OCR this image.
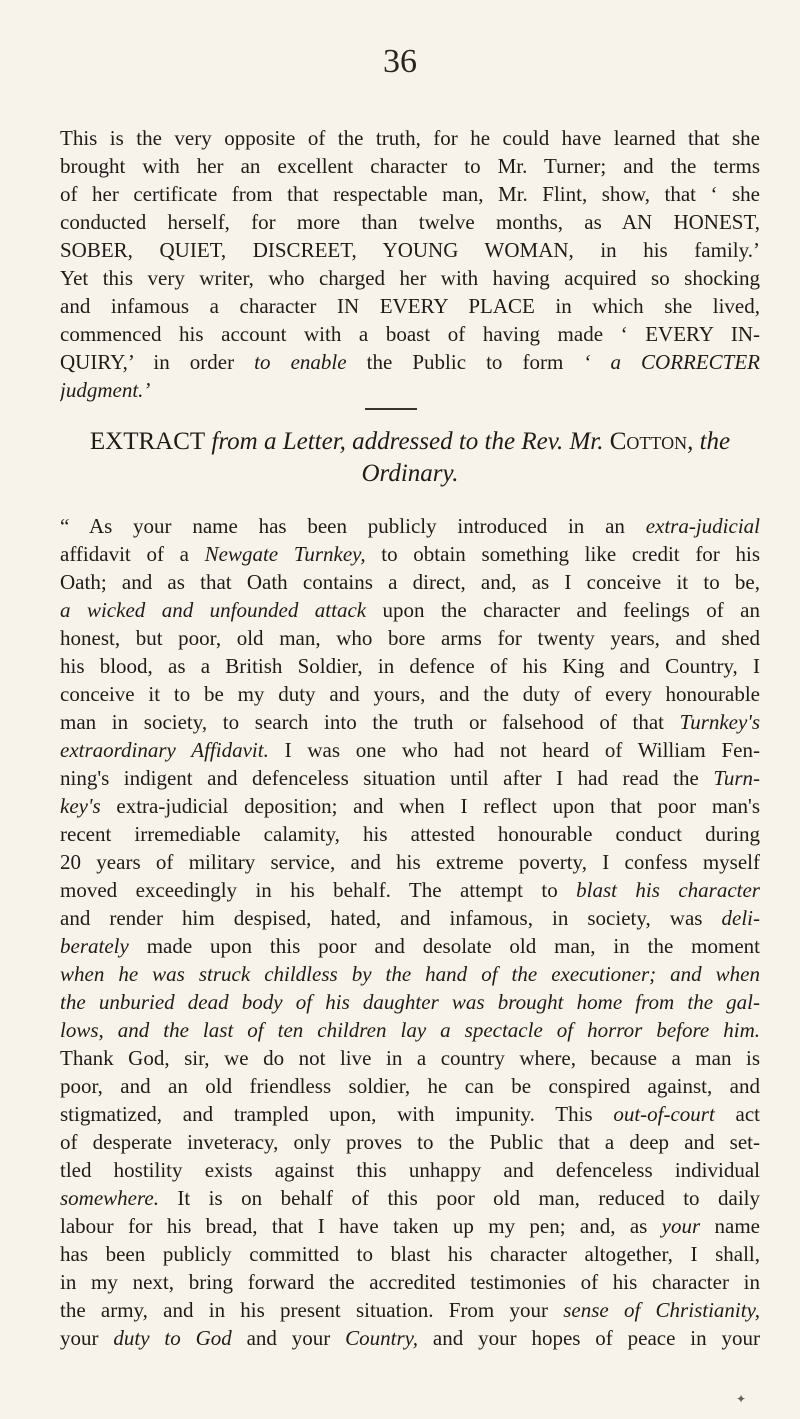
36
This is the very opposite of the truth, for he could have learned that she
brought with her an excellent character to Mr. Turner; and the terms
of her certificate from that respectable man, Mr. Flint, show, that ‘ she
conducted herself, for more than twelve months, as AN HONEST,
SOBER, QUIET, DISCREET, YOUNG WOMAN, in his family.’
Yet this very writer, who charged her with having acquired so shocking
and infamous a character IN EVERY PLACE in which she lived,
commenced his account with a boast of having made ‘ EVERY IN-
QUIRY,’ in order to enable the Public to form ‘ a CORRECTER
judgment.’
EXTRACT from a Letter, addressed to the Rev. Mr. Cotton, the
Ordinary.
“ As your name has been publicly introduced in an extra-judicial
affidavit of a Newgate Turnkey, to obtain something like credit for his
Oath; and as that Oath contains a direct, and, as I conceive it to be,
a wicked and unfounded attack upon the character and feelings of an
honest, but poor, old man, who bore arms for twenty years, and shed
his blood, as a British Soldier, in defence of his King and Country, I
conceive it to be my duty and yours, and the duty of every honourable
man in society, to search into the truth or falsehood of that Turnkey's
extraordinary Affidavit. I was one who had not heard of William Fen-
ning's indigent and defenceless situation until after I had read the Turn-
key's extra-judicial deposition; and when I reflect upon that poor man's
recent irremediable calamity, his attested honourable conduct during
20 years of military service, and his extreme poverty, I confess myself
moved exceedingly in his behalf. The attempt to blast his character
and render him despised, hated, and infamous, in society, was deli-
berately made upon this poor and desolate old man, in the moment
when he was struck childless by the hand of the executioner; and when
the unburied dead body of his daughter was brought home from the gal-
lows, and the last of ten children lay a spectacle of horror before him.
Thank God, sir, we do not live in a country where, because a man is
poor, and an old friendless soldier, he can be conspired against, and
stigmatized, and trampled upon, with impunity. This out-of-court act
of desperate inveteracy, only proves to the Public that a deep and set-
tled hostility exists against this unhappy and defenceless individual
somewhere. It is on behalf of this poor old man, reduced to daily
labour for his bread, that I have taken up my pen; and, as your name
has been publicly committed to blast his character altogether, I shall,
in my next, bring forward the accredited testimonies of his character in
the army, and in his present situation. From your sense of Christianity,
your duty to God and your Country, and your hopes of peace in your
✦
